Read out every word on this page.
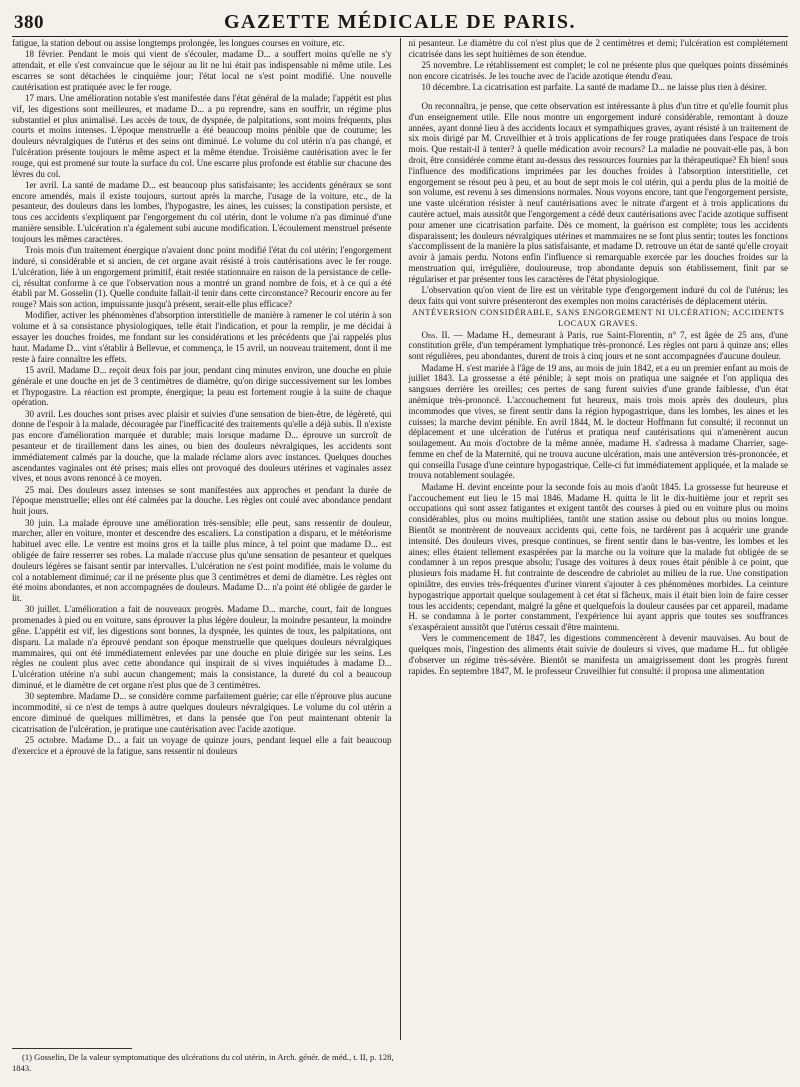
380	GAZETTE MÉDICALE DE PARIS.

fatigue, la station debout ou assise longtemps prolongée, les longues courses en voiture, etc.

18 février. Pendant le mois qui vient de s'écouler, madame D... a souffert moins qu'elle ne s'y attendait, et elle s'est convaincue que le séjour au lit ne lui était pas indispensable ni même utile. Les escarres se sont détachées le cinquième jour; l'état local ne s'est point modifié. Une nouvelle cautérisation est pratiquée avec le fer rouge.

17 mars. Une amélioration notable s'est manifestée dans l'état général de la malade; l'appétit est plus vif, les digestions sont meilleures, et madame D... a pu reprendre, sans en souffrir, un régime plus substantiel et plus animalisé. Les accès de toux, de dyspnée, de palpitations, sont moins fréquents, plus courts et moins intenses. L'époque menstruelle a été beaucoup moins pénible que de coutume; les douleurs névralgiques de l'utérus et des seins ont diminué. Le volume du col utérin n'a pas changé, et l'ulcération présente toujours le même aspect et la même étendue. Troisième cautérisation avec le fer rouge, qui est promené sur toute la surface du col. Une escarre plus profonde est établie sur chacune des lèvres du col.

1er avril. La santé de madame D... est beaucoup plus satisfaisante; les accidents généraux se sont encore amendés, mais il existe toujours, surtout après la marche, l'usage de la voiture, etc., de la pesanteur, des douleurs dans les lombes, l'hypogastre, les aines, les cuisses; la constipation persiste, et tous ces accidents s'expliquent par l'engorgement du col utérin, dont le volume n'a pas diminué d'une manière sensible. L'ulcération n'a également subi aucune modification. L'écoulement menstruel présente toujours les mêmes caractères.

Trois mois d'un traitement énergique n'avaient donc point modifié l'état du col utérin; l'engorgement induré, si considérable et si ancien, de cet organe avait résisté à trois cautérisations avec le fer rouge. L'ulcération, liée à un engorgement primitif, était restée stationnaire en raison de la persistance de celle-ci, résultat conforme à ce que l'observation nous a montré un grand nombre de fois, et à ce qui a été établi par M. Gosselin (1). Quelle conduite fallait-il tenir dans cette circonstance? Recourir encore au fer rouge? Mais son action, impuissante jusqu'à présent, serait-elle plus efficace?

Modifier, activer les phénomènes d'absorption interstitielle de manière à ramener le col utérin à son volume et à sa consistance physiologiques, telle était l'indication, et pour la remplir, je me décidai à essayer les douches froides, me fondant sur les considérations et les précédents que j'ai rappelés plus haut. Madame D... vint s'établir à Bellevue, et commença, le 15 avril, un nouveau traitement, dont il me reste à faire connaître les effets.

15 avril. Madame D... reçoit deux fois par jour, pendant cinq minutes environ, une douche en pluie générale et une douche en jet de 3 centimètres de diamètre, qu'on dirige successivement sur les lombes et l'hypogastre. La réaction est prompte, énergique; la peau est fortement rougie à la suite de chaque opération.

30 avril. Les douches sont prises avec plaisir et suivies d'une sensation de bien-être, de légèreté, qui donne de l'espoir à la malade, découragée par l'inefficacité des traitements qu'elle a déjà subis. Il n'existe pas encore d'amélioration marquée et durable; mais lorsque madame D... éprouve un surcroît de pesanteur et de tiraillement dans les aines, ou bien des douleurs névralgiques, les accidents sont immédiatement calmés par la douche, que la malade réclame alors avec instances. Quelques douches ascendantes vaginales ont été prises; mais elles ont provoqué des douleurs utérines et vaginales assez vives, et nous avons renoncé à ce moyen.

25 mai. Des douleurs assez intenses se sont manifestées aux approches et pendant la durée de l'époque menstruelle; elles ont été calmées par la douche. Les règles ont coulé avec abondance pendant huit jours.

30 juin. La malade éprouve une amélioration très-sensible; elle peut, sans ressentir de douleur, marcher, aller en voiture, monter et descendre des escaliers. La constipation a disparu, et le météorisme habituel avec elle. Le ventre est moins gros et la taille plus mince, à tel point que madame D... est obligée de faire resserrer ses robes. La malade n'accuse plus qu'une sensation de pesanteur et quelques douleurs légères se faisant sentir par intervalles. L'ulcération ne s'est point modifiée, mais le volume du col a notablement diminué; car il ne présente plus que 3 centimètres et demi de diamètre. Les règles ont été moins abondantes, et non accompagnées de douleurs. Madame D... n'a point été obligée de garder le lit.

30 juillet. L'amélioration a fait de nouveaux progrès. Madame D... marche, court, fait de longues promenades à pied ou en voiture, sans éprouver la plus légère douleur, la moindre pesanteur, la moindre gêne. L'appétit est vif, les digestions sont bonnes, la dyspnée, les quintes de toux, les palpitations, ont disparu. La malade n'a éprouvé pendant son époque menstruelle que quelques douleurs névralgiques mammaires, qui ont été immédiatement enlevées par une douche en pluie dirigée sur les seins. Les règles ne coulent plus avec cette abondance qui inspirait de si vives inquiétudes à madame D... L'ulcération utérine n'a subi aucun changement; mais la consistance, la dureté du col a beaucoup diminué, et le diamètre de cet organe n'est plus que de 3 centimètres.

30 septembre. Madame D... se considère comme parfaitement guérie; car elle n'éprouve plus aucune incommodité, si ce n'est de temps à autre quelques douleurs névralgiques. Le volume du col utérin a encore diminué de quelques millimètres, et dans la pensée que l'on peut maintenant obtenir la cicatrisation de l'ulcération, je pratique une cautérisation avec l'acide azotique.

25 octobre. Madame D... a fait un voyage de quinze jours, pendant lequel elle a fait beaucoup d'exercice et a éprouvé de la fatigue, sans ressentir ni douleurs

ni pesanteur. Le diamètre du col n'est plus que de 2 centimètres et demi; l'ulcération est complétement cicatrisée dans les sept huitièmes de son étendue.

25 novembre. Le rétablissement est complet; le col ne présente plus que quelques points disséminés non encore cicatrisés. Je les touche avec de l'acide azotique étendu d'eau.

10 décembre. La cicatrisation est parfaite. La santé de madame D... ne laisse plus rien à désirer.

On reconnaîtra, je pense, que cette observation est intéressante à plus d'un titre et qu'elle fournit plus d'un enseignement utile. Elle nous montre un engorgement induré considérable, remontant à douze années, ayant donné lieu à des accidents locaux et sympathiques graves, ayant résisté à un traitement de six mois dirigé par M. Cruveilhier et à trois applications de fer rouge pratiquées dans l'espace de trois mois. Que restait-il à tenter? à quelle médication avoir recours? La maladie ne pouvait-elle pas, à bon droit, être considérée comme étant au-dessus des ressources fournies par la thérapeutique? Eh bien! sous l'influence des modifications imprimées par les douches froides à l'absorption interstitielle, cet engorgement se résout peu à peu, et au bout de sept mois le col utérin, qui a perdu plus de la moitié de son volume, est revenu à ses dimensions normales. Nous voyons encore, tant que l'engorgement persiste, une vaste ulcération résister à neuf cautérisations avec le nitrate d'argent et à trois applications du cautère actuel, mais aussitôt que l'engorgement a cédé deux cautérisations avec l'acide azotique suffisent pour amener une cicatrisation parfaite. Dès ce moment, la guérison est complète; tous les accidents disparaissent; les douleurs névralgiques utérines et mammaires ne se font plus sentir; toutes les fonctions s'accomplissent de la manière la plus satisfaisante, et madame D. retrouve un état de santé qu'elle croyait avoir à jamais perdu. Notons enfin l'influence si remarquable exercée par les douches froides sur la menstruation qui, irrégulière, douloureuse, trop abondante depuis son établissement, finit par se régulariser et par présenter tous les caractères de l'état physiologique.

L'observation qu'on vient de lire est un véritable type d'engorgement induré du col de l'utérus; les deux faits qui vont suivre présenteront des exemples non moins caractérisés de déplacement utérin.

ANTÉVERSION CONSIDÉRABLE, SANS ENGORGEMENT NI ULCÉRATION; ACCIDENTS LOCAUX GRAVES.

Obs. II. — Madame H., demeurant à Paris, rue Saint-Florentin, n° 7, est âgée de 25 ans, d'une constitution grêle, d'un tempérament lymphatique très-prononcé. Les règles ont paru à quinze ans; elles sont régulières, peu abondantes, durent de trois à cinq jours et ne sont accompagnées d'aucune douleur.

Madame H. s'est mariée à l'âge de 19 ans, au mois de juin 1842, et a eu un premier enfant au mois de juillet 1843. La grossesse a été pénible; à sept mois on pratiqua une saignée et l'on appliqua des sangsues derrière les oreilles; ces pertes de sang furent suivies d'une grande faiblesse, d'un état anémique très-prononcé. L'accouchement fut heureux, mais trois mois après des douleurs, plus incommodes que vives, se firent sentir dans la région hypogastrique, dans les lombes, les aines et les cuisses; la marche devint pénible. En avril 1844, M. le docteur Hoffmann fut consulté; il reconnut un déplacement et une ulcération de l'utérus et pratiqua neuf cautérisations qui n'amenèrent aucun soulagement. Au mois d'octobre de la même année, madame H. s'adressa à madame Charrier, sage-femme en chef de la Maternité, qui ne trouva aucune ulcération, mais une antéversion très-prononcée, et qui conseilla l'usage d'une ceinture hypogastrique. Celle-ci fut immédiatement appliquée, et la malade se trouva notablement soulagée.

Madame H. devint enceinte pour la seconde fois au mois d'août 1845. La grossesse fut heureuse et l'accouchement eut lieu le 15 mai 1846. Madame H. quitta le lit le dix-huitième jour et reprit ses occupations qui sont assez fatigantes et exigent tantôt des courses à pied ou en voiture plus ou moins considérables, plus ou moins multipliées, tantôt une station assise ou debout plus ou moins longue. Bientôt se montrèrent de nouveaux accidents qui, cette fois, ne tardèrent pas à acquérir une grande intensité. Des douleurs vives, presque continues, se firent sentir dans le bas-ventre, les lombes et les aines; elles étaient tellement exaspérées par la marche ou la voiture que la malade fut obligée de se condamner à un repos presque absolu; l'usage des voitures à deux roues était pénible à ce point, que plusieurs fois madame H. fut contrainte de descendre de cabriolet au milieu de la rue. Une constipation opiniâtre, des envies très-fréquentes d'uriner vinrent s'ajouter à ces phénomènes morbides. La ceinture hypogastrique apportait quelque soulagement à cet état si fâcheux, mais il était bien loin de faire cesser tous les accidents; cependant, malgré la gêne et quelquefois la douleur causées par cet appareil, madame H. se condamna à le porter constamment, l'expérience lui ayant appris que toutes ses souffrances s'exaspéraient aussitôt que l'utérus cessait d'être maintenu.

Vers le commencement de 1847, les digestions commencèrent à devenir mauvaises. Au bout de quelques mois, l'ingestion des aliments était suivie de douleurs si vives, que madame H... fut obligée d'observer un régime très-sévère. Bientôt se manifesta un amaigrissement dont les progrès furent rapides. En septembre 1847, M. le professeur Cruveilhier fut consulté: il proposa une alimentation

(1) Gosselin, De la valeur symptomatique des ulcérations du col utérin, in Arch. génér. de méd., t. II, p. 128, 1843.
